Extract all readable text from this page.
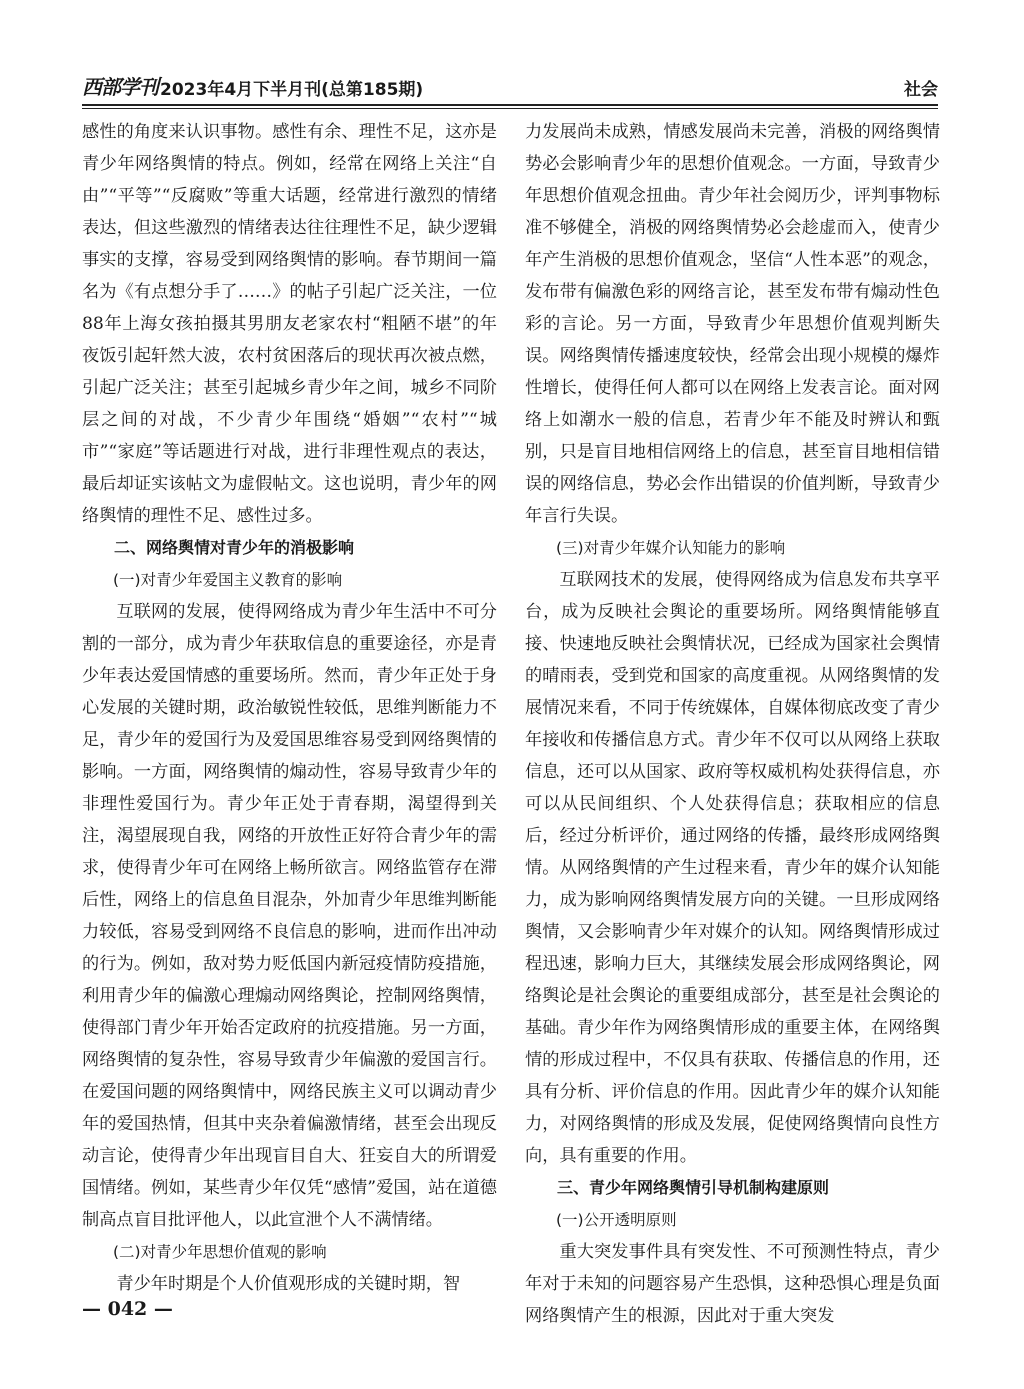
西部学刊 2023年4月下半月刊(总第185期)	社会

感性的角度来认识事物。感性有余、理性不足，这亦是青少年网络舆情的特点。例如，经常在网络上关注“自由”“平等”“反腐败”等重大话题，经常进行激烈的情绪表达，但这些激烈的情绪表达往往理性不足，缺少逻辑事实的支撑，容易受到网络舆情的影响。春节期间一篇名为《有点想分手了……》的帖子引起广泛关注，一位88年上海女孩拍摄其男朋友老家农村“粗陋不堪”的年夜饭引起轩然大波，农村贫困落后的现状再次被点燃，引起广泛关注；甚至引起城乡青少年之间，城乡不同阶层之间的对战，不少青少年围绕“婚姻”“农村”“城市”“家庭”等话题进行对战，进行非理性观点的表达，最后却证实该帖文为虚假帖文。这也说明，青少年的网络舆情的理性不足、感性过多。

二、网络舆情对青少年的消极影响

(一)对青少年爱国主义教育的影响

互联网的发展，使得网络成为青少年生活中不可分割的一部分，成为青少年获取信息的重要途径，亦是青少年表达爱国情感的重要场所。然而，青少年正处于身心发展的关键时期，政治敏锐性较低，思维判断能力不足，青少年的爱国行为及爱国思维容易受到网络舆情的影响。一方面，网络舆情的煽动性，容易导致青少年的非理性爱国行为。青少年正处于青春期，渴望得到关注，渴望展现自我，网络的开放性正好符合青少年的需求，使得青少年可在网络上畅所欲言。网络监管存在滞后性，网络上的信息鱼目混杂，外加青少年思维判断能力较低，容易受到网络不良信息的影响，进而作出冲动的行为。例如，敌对势力贬低国内新冠疫情防疫措施，利用青少年的偏激心理煽动网络舆论，控制网络舆情，使得部门青少年开始否定政府的抗疫措施。另一方面，网络舆情的复杂性，容易导致青少年偏激的爱国言行。在爱国问题的网络舆情中，网络民族主义可以调动青少年的爱国热情，但其中夹杂着偏激情绪，甚至会出现反动言论，使得青少年出现盲目自大、狂妄自大的所谓爱国情绪。例如，某些青少年仅凭“感情”爱国，站在道德制高点盲目批评他人，以此宣泄个人不满情绪。

(二)对青少年思想价值观的影响

青少年时期是个人价值观形成的关键时期，智

力发展尚未成熟，情感发展尚未完善，消极的网络舆情势必会影响青少年的思想价值观念。一方面，导致青少年思想价值观念扭曲。青少年社会阅历少，评判事物标准不够健全，消极的网络舆情势必会趁虚而入，使青少年产生消极的思想价值观念，坚信“人性本恶”的观念，发布带有偏激色彩的网络言论，甚至发布带有煽动性色彩的言论。另一方面，导致青少年思想价值观判断失误。网络舆情传播速度较快，经常会出现小规模的爆炸性增长，使得任何人都可以在网络上发表言论。面对网络上如潮水一般的信息，若青少年不能及时辨认和甄别，只是盲目地相信网络上的信息，甚至盲目地相信错误的网络信息，势必会作出错误的价值判断，导致青少年言行失误。

(三)对青少年媒介认知能力的影响

互联网技术的发展，使得网络成为信息发布共享平台，成为反映社会舆论的重要场所。网络舆情能够直接、快速地反映社会舆情状况，已经成为国家社会舆情的晴雨表，受到党和国家的高度重视。从网络舆情的发展情况来看，不同于传统媒体，自媒体彻底改变了青少年接收和传播信息方式。青少年不仅可以从网络上获取信息，还可以从国家、政府等权威机构处获得信息，亦可以从民间组织、个人处获得信息；获取相应的信息后，经过分析评价，通过网络的传播，最终形成网络舆情。从网络舆情的产生过程来看，青少年的媒介认知能力，成为影响网络舆情发展方向的关键。一旦形成网络舆情，又会影响青少年对媒介的认知。网络舆情形成过程迅速，影响力巨大，其继续发展会形成网络舆论，网络舆论是社会舆论的重要组成部分，甚至是社会舆论的基础。青少年作为网络舆情形成的重要主体，在网络舆情的形成过程中，不仅具有获取、传播信息的作用，还具有分析、评价信息的作用。因此青少年的媒介认知能力，对网络舆情的形成及发展，促使网络舆情向良性方向，具有重要的作用。

三、青少年网络舆情引导机制构建原则

(一)公开透明原则

重大突发事件具有突发性、不可预测性特点，青少年对于未知的问题容易产生恐惧，这种恐惧心理是负面网络舆情产生的根源，因此对于重大突发

— 042 —
